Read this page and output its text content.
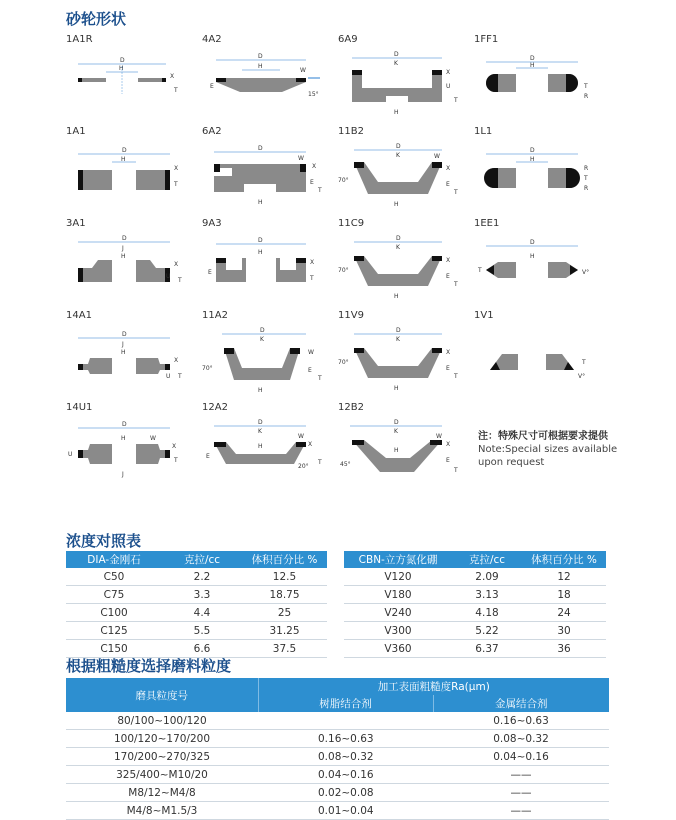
砂轮形状
1A1R
D
H
X
T
4A2
D
H
W
E
15°
6A9
D
K
H
X
U
T
1FF1
D
H
T
R
1A1
D
H
X
T
6A2
D
H
W
X
E
T
11B2
D
K
H
W
70°
X
E
T
1L1
D
H
R
T
R
3A1
D
J
H
X
U
T
9A3
D
H
E
X
T
11C9
D
K
H
70°
X
E
T
1EE1
D
H
T	V°
14A1
D
J
H
X
U T
11A2
D
K
H
70°
W
E
T
11V9
D
K
H
70°
X
E
T
1V1
T
V°
14U1
D
H	W
X
U
T
J
12A2
D
K
H
W
X
E
20°
T
12B2
D
K
H
W
45°
X
E
T
注：特殊尺寸可根据要求提供
Note:Special sizes available
upon request
浓度对照表
DIA-金刚石	克拉/cc	体积百分比 %
C50	2.2	12.5
C75	3.3	18.75
C100	4.4	25
C125	5.5	31.25
C150	6.6	37.5
CBN-立方氮化硼	克拉/cc	体积百分比 %
V120	2.09	12
V180	3.13	18
V240	4.18	24
V300	5.22	30
V360	6.37	36
根据粗糙度选择磨料粒度
磨具粒度号	加工表面粗糙度Ra(μm)	
	树脂结合剂	金属结合剂
80/100~100/120		0.16~0.63
100/120~170/200	0.16~0.63	0.08~0.32
170/200~270/325	0.08~0.32	0.04~0.16
325/400~M10/20	0.04~0.16	——
M8/12~M4/8	0.02~0.08	——
M4/8~M1.5/3	0.01~0.04	——
